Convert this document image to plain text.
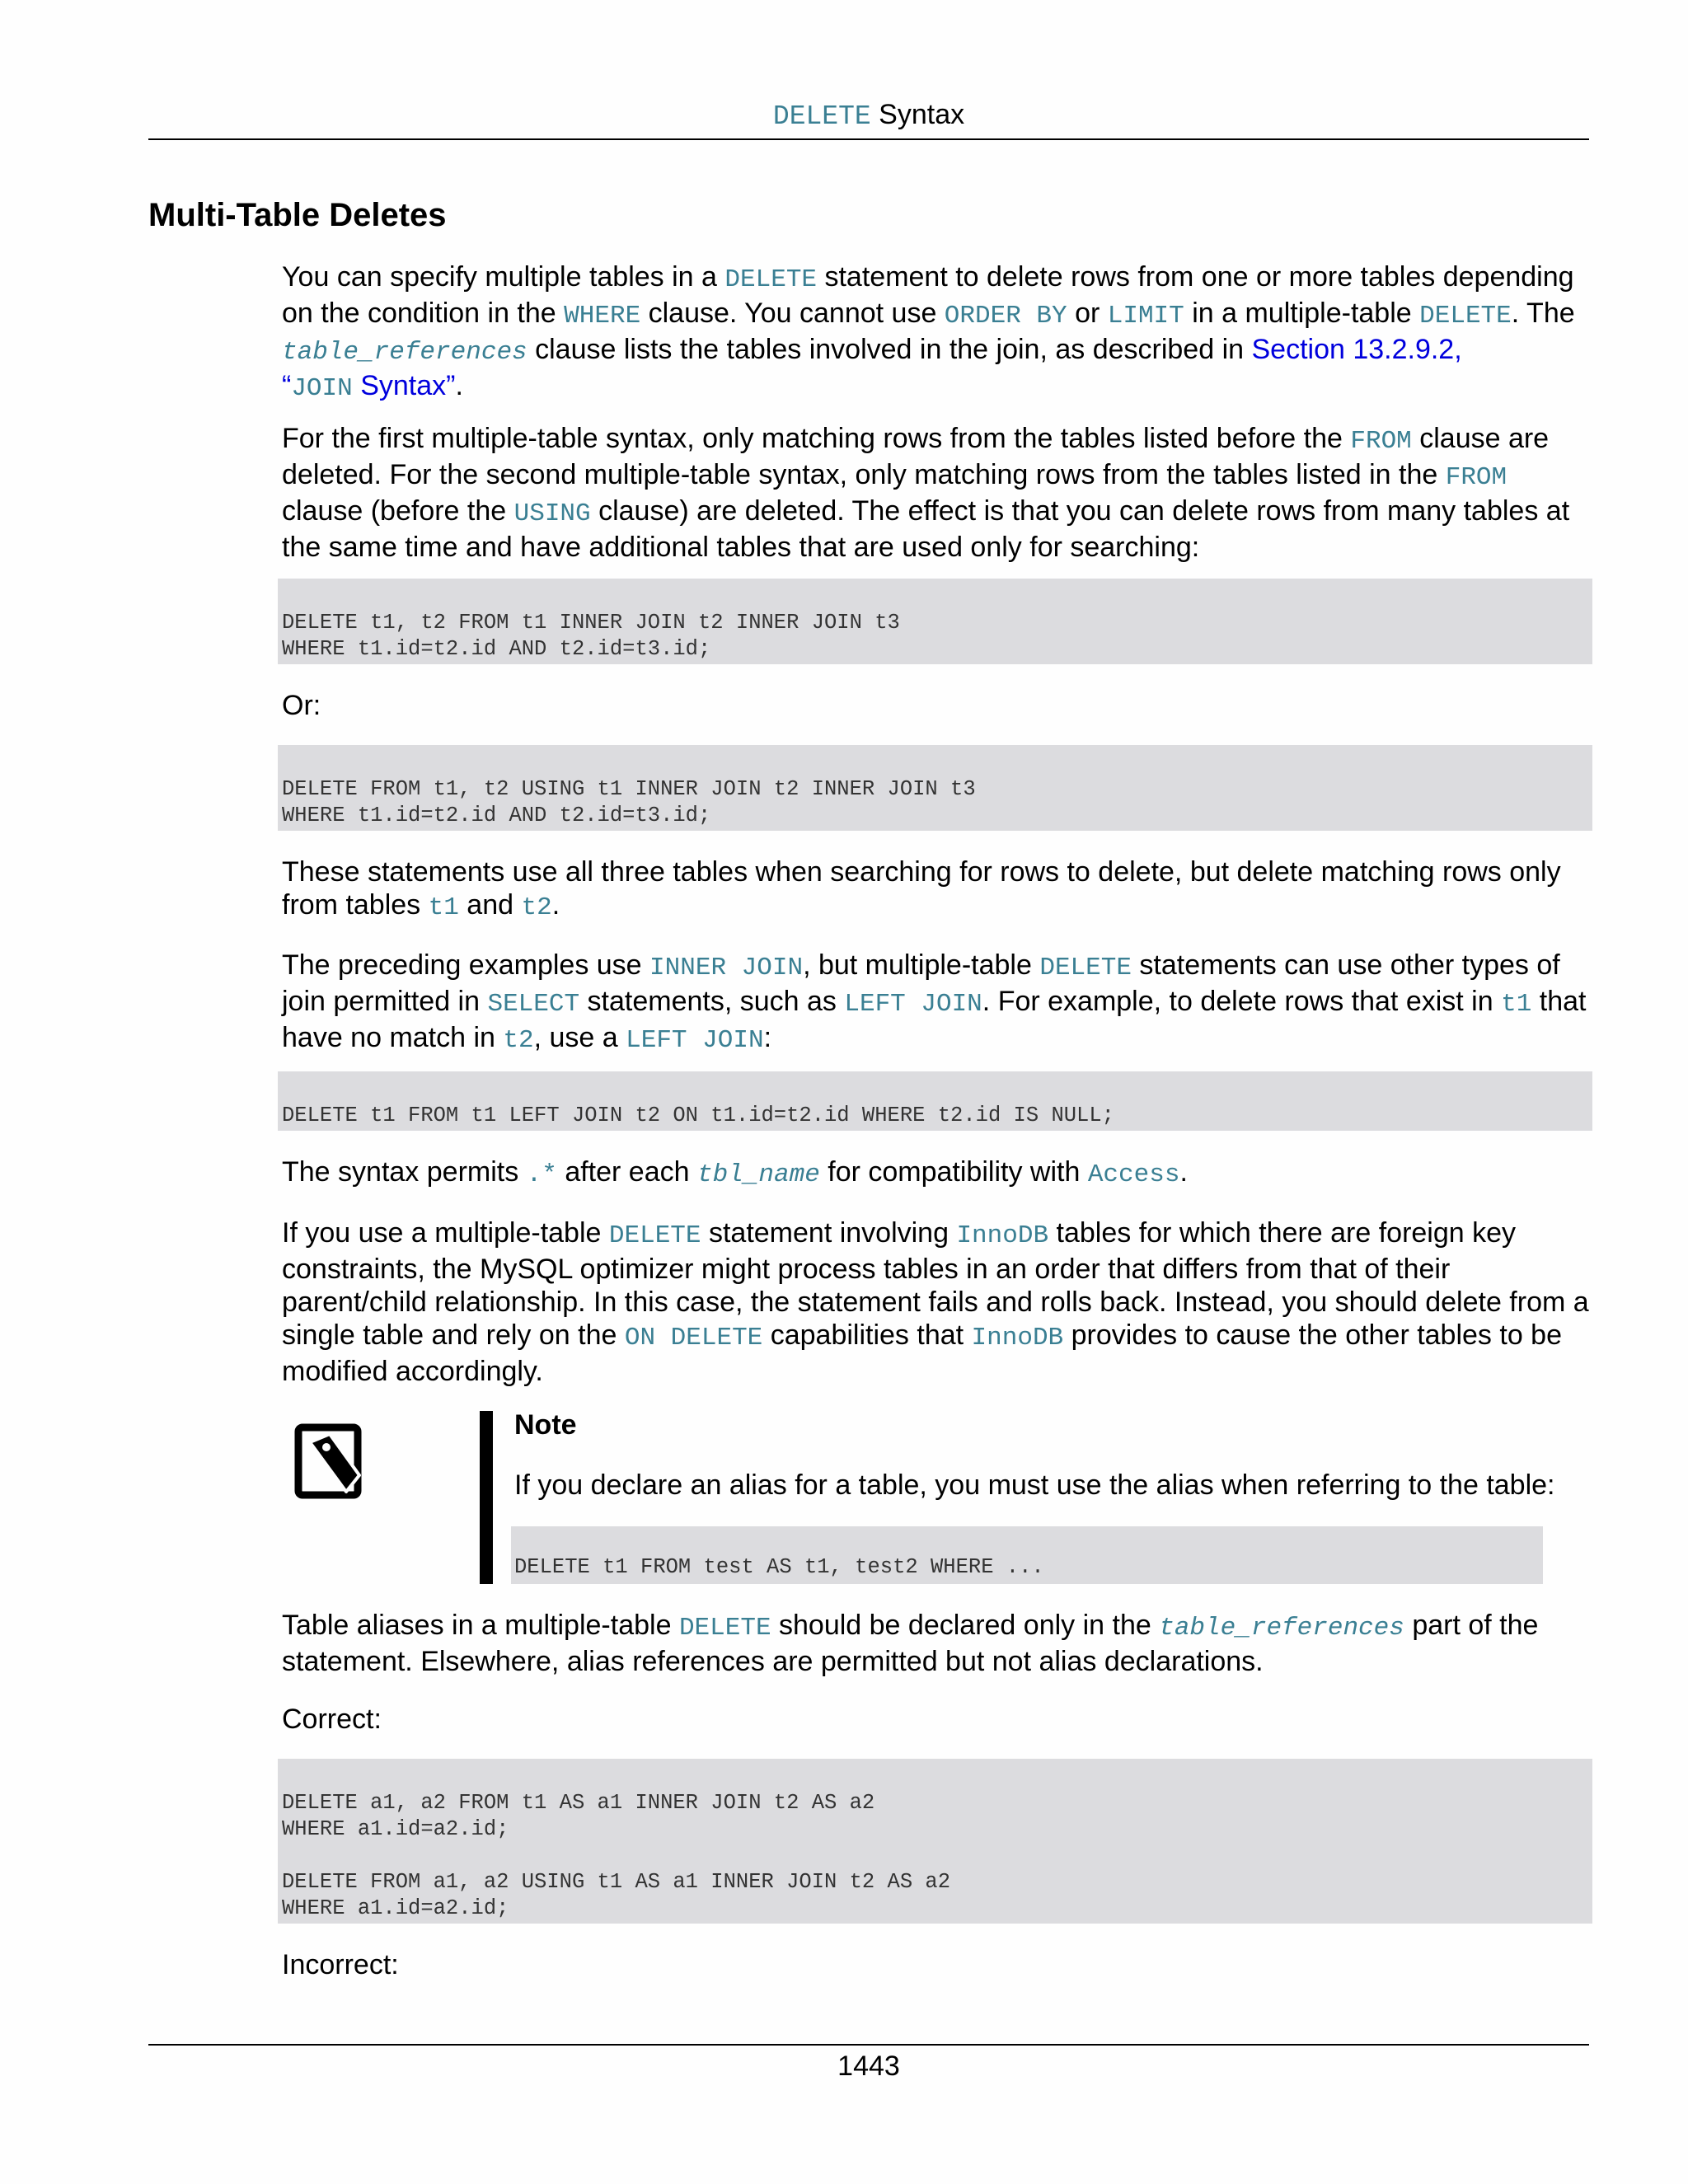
DELETE Syntax
Multi-Table Deletes

You can specify multiple tables in a DELETE statement to delete rows from one or more tables depending on the condition in the WHERE clause. You cannot use ORDER BY or LIMIT in a multiple-table DELETE. The table_references clause lists the tables involved in the join, as described in Section 13.2.9.2,
“JOIN Syntax”.

For the first multiple-table syntax, only matching rows from the tables listed before the FROM clause are deleted. For the second multiple-table syntax, only matching rows from the tables listed in the FROM clause (before the USING clause) are deleted. The effect is that you can delete rows from many tables at the same time and have additional tables that are used only for searching:

DELETE t1, t2 FROM t1 INNER JOIN t2 INNER JOIN t3
WHERE t1.id=t2.id AND t2.id=t3.id;

Or:

DELETE FROM t1, t2 USING t1 INNER JOIN t2 INNER JOIN t3
WHERE t1.id=t2.id AND t2.id=t3.id;

These statements use all three tables when searching for rows to delete, but delete matching rows only from tables t1 and t2.

The preceding examples use INNER JOIN, but multiple-table DELETE statements can use other types of join permitted in SELECT statements, such as LEFT JOIN. For example, to delete rows that exist in t1 that have no match in t2, use a LEFT JOIN:

DELETE t1 FROM t1 LEFT JOIN t2 ON t1.id=t2.id WHERE t2.id IS NULL;

The syntax permits .* after each tbl_name for compatibility with Access.

If you use a multiple-table DELETE statement involving InnoDB tables for which there are foreign key constraints, the MySQL optimizer might process tables in an order that differs from that of their parent/child relationship. In this case, the statement fails and rolls back. Instead, you should delete from a single table and rely on the ON DELETE capabilities that InnoDB provides to cause the other tables to be modified accordingly.

Note

If you declare an alias for a table, you must use the alias when referring to the table:

DELETE t1 FROM test AS t1, test2 WHERE ...

Table aliases in a multiple-table DELETE should be declared only in the table_references part of the statement. Elsewhere, alias references are permitted but not alias declarations.

Correct:

DELETE a1, a2 FROM t1 AS a1 INNER JOIN t2 AS a2
WHERE a1.id=a2.id;

DELETE FROM a1, a2 USING t1 AS a1 INNER JOIN t2 AS a2
WHERE a1.id=a2.id;

Incorrect:

1443
